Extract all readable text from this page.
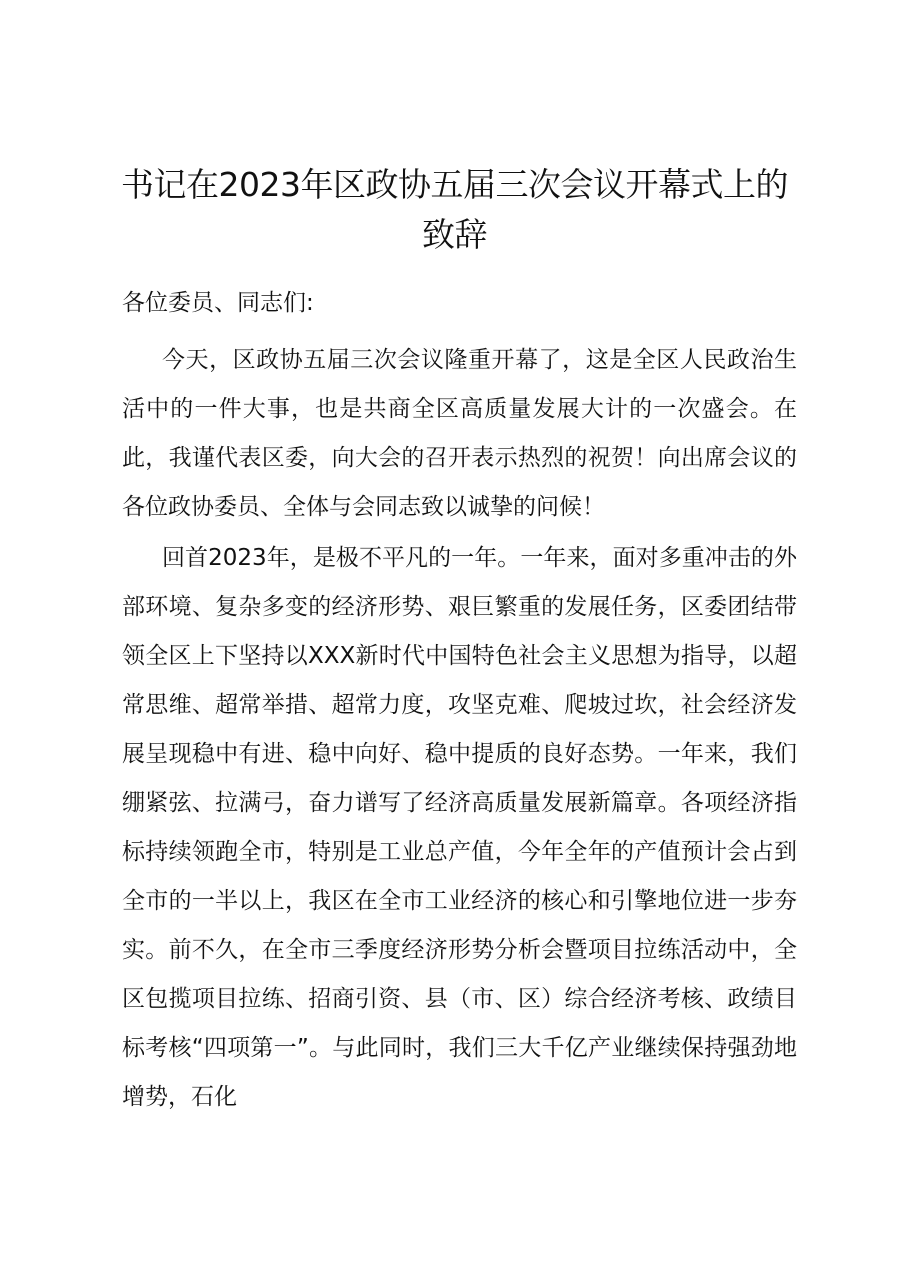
书记在2023年区政协五届三次会议开幕式上的致辞

各位委员、同志们:

今天，区政协五届三次会议隆重开幕了，这是全区人民政治生活中的一件大事，也是共商全区高质量发展大计的一次盛会。在此，我谨代表区委，向大会的召开表示热烈的祝贺！向出席会议的各位政协委员、全体与会同志致以诚挚的问候！

回首2023年，是极不平凡的一年。一年来，面对多重冲击的外部环境、复杂多变的经济形势、艰巨繁重的发展任务，区委团结带领全区上下坚持以XXX新时代中国特色社会主义思想为指导，以超常思维、超常举措、超常力度，攻坚克难、爬坡过坎，社会经济发展呈现稳中有进、稳中向好、稳中提质的良好态势。一年来，我们绷紧弦、拉满弓，奋力谱写了经济高质量发展新篇章。各项经济指标持续领跑全市，特别是工业总产值，今年全年的产值预计会占到全市的一半以上，我区在全市工业经济的核心和引擎地位进一步夯实。前不久，在全市三季度经济形势分析会暨项目拉练活动中，全区包揽项目拉练、招商引资、县（市、区）综合经济考核、政绩目标考核“四项第一”。与此同时，我们三大千亿产业继续保持强劲地增势，石化
